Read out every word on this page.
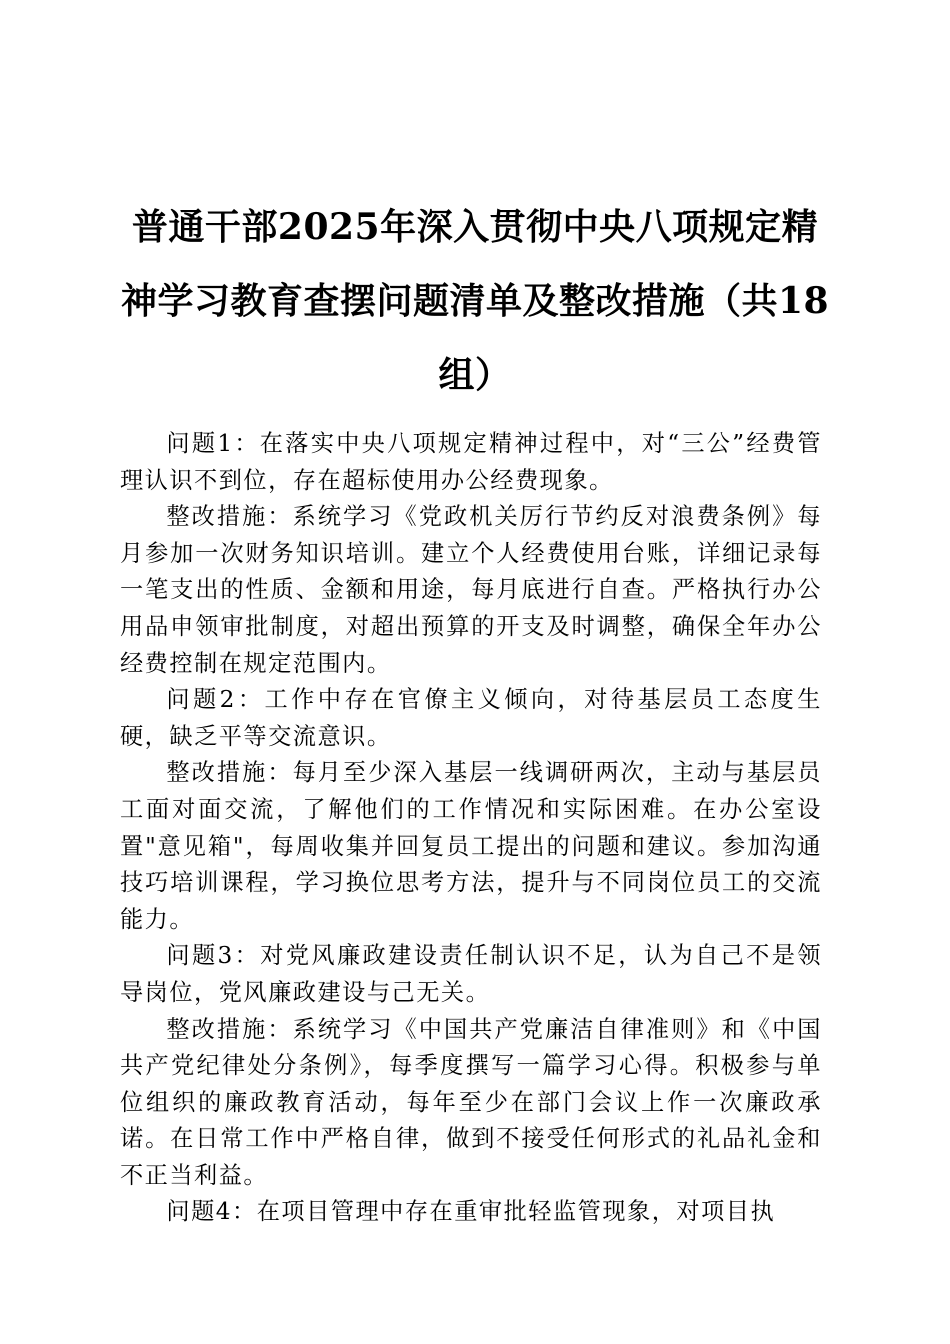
普通干部2025年深入贯彻中央八项规定精神学习教育查摆问题清单及整改措施（共18组）

问题1：在落实中央八项规定精神过程中，对“三公”经费管理认识不到位，存在超标使用办公经费现象。

整改措施：系统学习《党政机关厉行节约反对浪费条例》每月参加一次财务知识培训。建立个人经费使用台账，详细记录每一笔支出的性质、金额和用途，每月底进行自查。严格执行办公用品申领审批制度，对超出预算的开支及时调整，确保全年办公经费控制在规定范围内。

问题2：工作中存在官僚主义倾向，对待基层员工态度生硬，缺乏平等交流意识。

整改措施：每月至少深入基层一线调研两次，主动与基层员工面对面交流，了解他们的工作情况和实际困难。在办公室设置"意见箱"，每周收集并回复员工提出的问题和建议。参加沟通技巧培训课程，学习换位思考方法，提升与不同岗位员工的交流能力。

问题3：对党风廉政建设责任制认识不足，认为自己不是领导岗位，党风廉政建设与己无关。

整改措施：系统学习《中国共产党廉洁自律准则》和《中国共产党纪律处分条例》，每季度撰写一篇学习心得。积极参与单位组织的廉政教育活动，每年至少在部门会议上作一次廉政承诺。在日常工作中严格自律，做到不接受任何形式的礼品礼金和不正当利益。

问题4：在项目管理中存在重审批轻监管现象，对项目执
